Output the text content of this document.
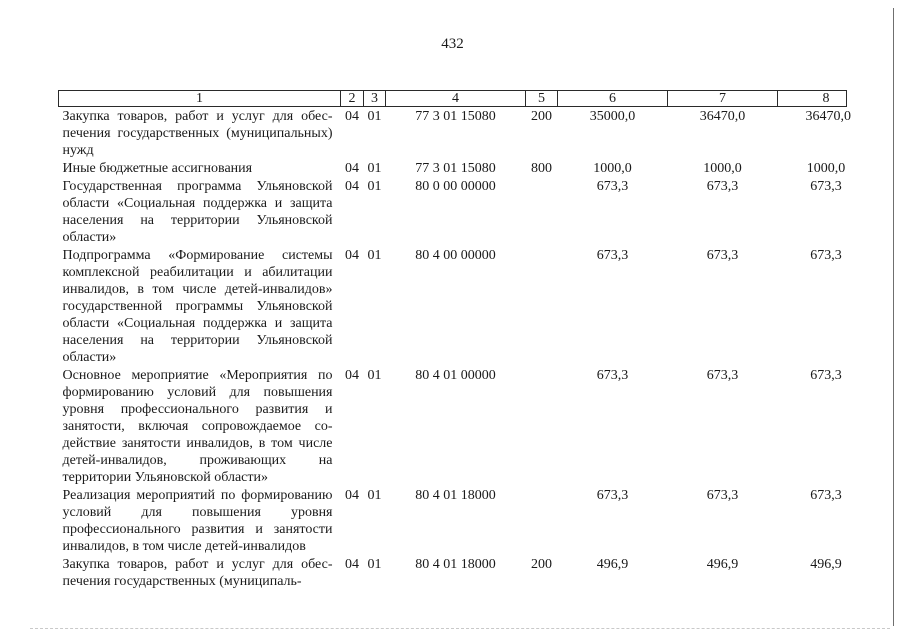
432
1	2	3	4	5	6	7	8
Закупка товаров, работ и услуг для обеспечения государственных (муниципальных) нужд	04	01	77 3 01 15080	200	35000,0	36470,0	36470,0
Иные бюджетные ассигнования	04	01	77 3 01 15080	800	1000,0	1000,0	1000,0
Государственная программа Ульяновской области «Социальная поддержка и защита населения на территории Ульяновской области»	04	01	80 0 00 00000		673,3	673,3	673,3
Подпрограмма «Формирование системы комплексной реабилитации и абилитации инвалидов, в том числе детей-инвалидов» государственной программы Ульяновской области «Социальная поддержка и защита населения на территории Ульяновской области»	04	01	80 4 00 00000		673,3	673,3	673,3
Основное мероприятие «Мероприятия по формированию условий для повышения уровня профессионального развития и занятости, включая сопровождаемое содействие занятости инвалидов, в том числе детей-инвалидов, проживающих на территории Ульяновской области»	04	01	80 4 01 00000		673,3	673,3	673,3
Реализация мероприятий по формированию условий для повышения уровня профессионального развития и занятости инвалидов, в том числе детей-инвалидов	04	01	80 4 01 18000		673,3	673,3	673,3
Закупка товаров, работ и услуг для обеспечения государственных (муниципаль-	04	01	80 4 01 18000	200	496,9	496,9	496,9
